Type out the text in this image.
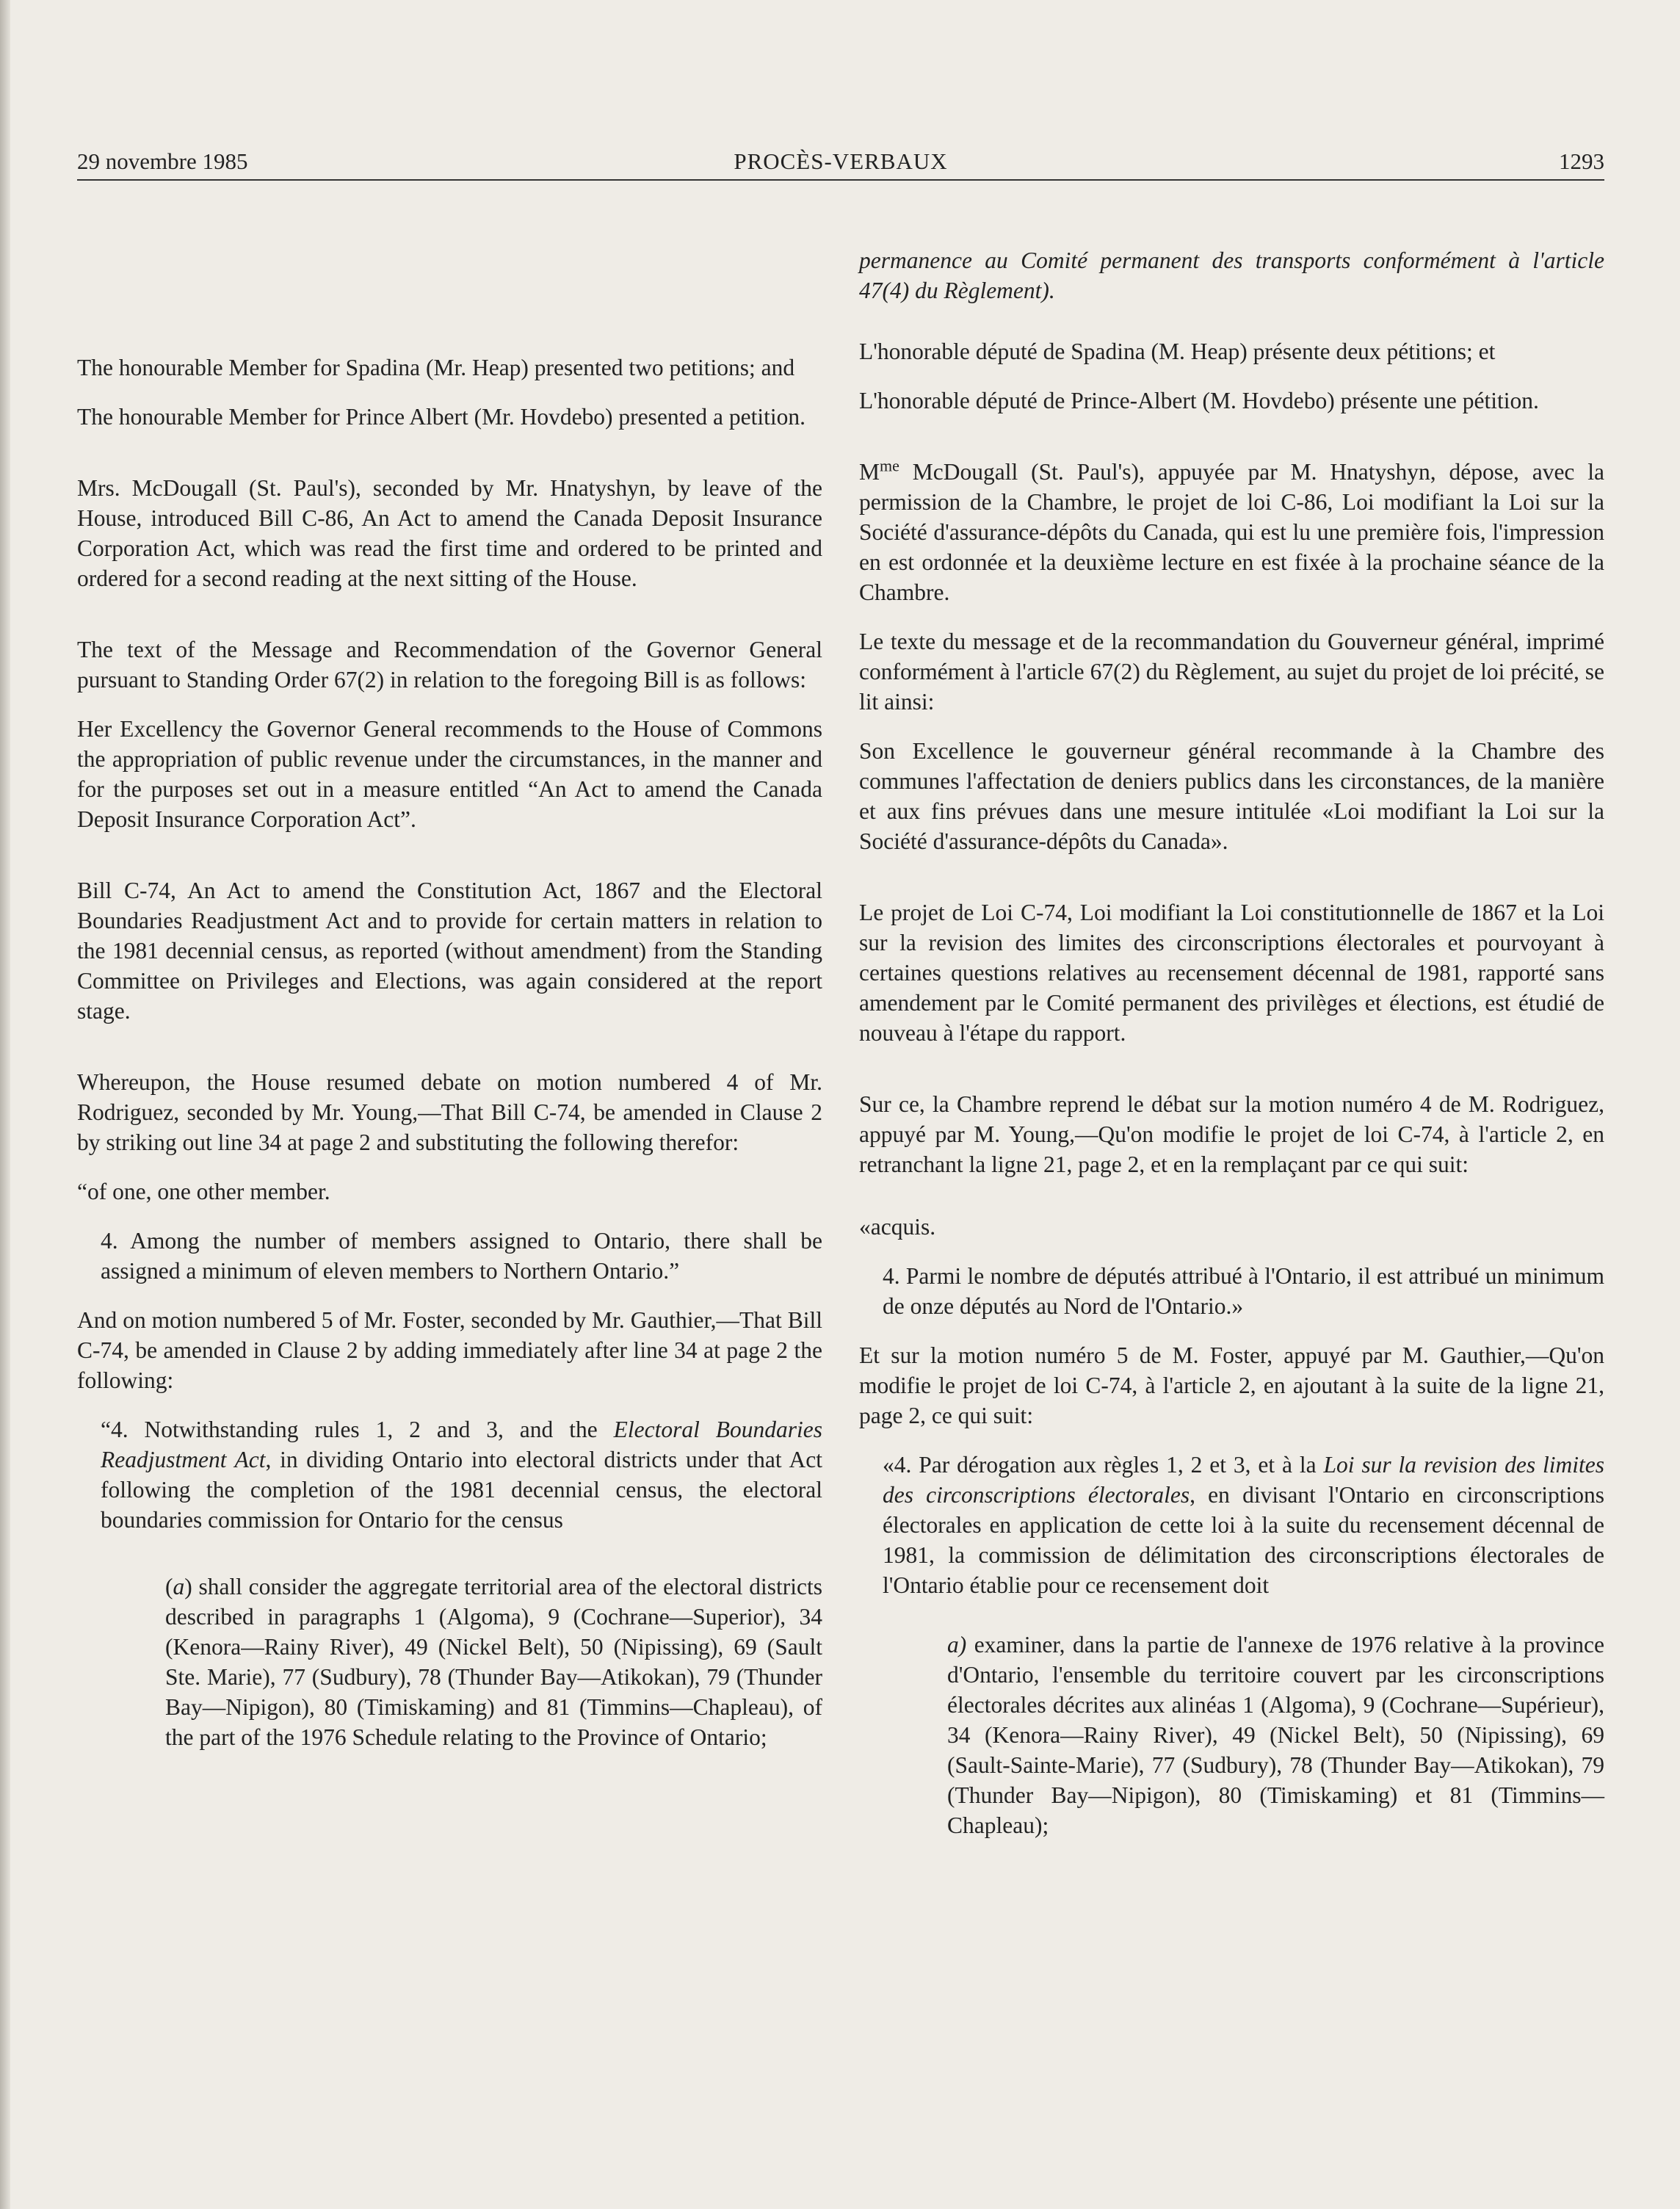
29 novembre 1985	PROCÈS-VERBAUX	1293

The honourable Member for Spadina (Mr. Heap) presented two petitions; and

The honourable Member for Prince Albert (Mr. Hovdebo) presented a petition.

Mrs. McDougall (St. Paul's), seconded by Mr. Hnatyshyn, by leave of the House, introduced Bill C-86, An Act to amend the Canada Deposit Insurance Corporation Act, which was read the first time and ordered to be printed and ordered for a second reading at the next sitting of the House.

The text of the Message and Recommendation of the Governor General pursuant to Standing Order 67(2) in relation to the foregoing Bill is as follows:

Her Excellency the Governor General recommends to the House of Commons the appropriation of public revenue under the circumstances, in the manner and for the purposes set out in a measure entitled “An Act to amend the Canada Deposit Insurance Corporation Act”.

Bill C-74, An Act to amend the Constitution Act, 1867 and the Electoral Boundaries Readjustment Act and to provide for certain matters in relation to the 1981 decennial census, as reported (without amendment) from the Standing Committee on Privileges and Elections, was again considered at the report stage.

Whereupon, the House resumed debate on motion numbered 4 of Mr. Rodriguez, seconded by Mr. Young,—That Bill C-74, be amended in Clause 2 by striking out line 34 at page 2 and substituting the following therefor:

“of one, one other member.

4. Among the number of members assigned to Ontario, there shall be assigned a minimum of eleven members to Northern Ontario.”

And on motion numbered 5 of Mr. Foster, seconded by Mr. Gauthier,—That Bill C-74, be amended in Clause 2 by adding immediately after line 34 at page 2 the following:

“4. Notwithstanding rules 1, 2 and 3, and the Electoral Boundaries Readjustment Act, in dividing Ontario into electoral districts under that Act following the completion of the 1981 decennial census, the electoral boundaries commission for Ontario for the census

(a) shall consider the aggregate territorial area of the electoral districts described in paragraphs 1 (Algoma), 9 (Cochrane—Superior), 34 (Kenora—Rainy River), 49 (Nickel Belt), 50 (Nipissing), 69 (Sault Ste. Marie), 77 (Sudbury), 78 (Thunder Bay—Atikokan), 79 (Thunder Bay—Nipigon), 80 (Timiskaming) and 81 (Timmins—Chapleau), of the part of the 1976 Schedule relating to the Province of Ontario;

permanence au Comité permanent des transports conformément à l'article 47(4) du Règlement).

L'honorable député de Spadina (M. Heap) présente deux pétitions; et

L'honorable député de Prince-Albert (M. Hovdebo) présente une pétition.

$M^{me}$ McDougall (St. Paul's), appuyée par M. Hnatyshyn, dépose, avec la permission de la Chambre, le projet de loi C-86, Loi modifiant la Loi sur la Société d'assurance-dépôts du Canada, qui est lu une première fois, l'impression en est ordonnée et la deuxième lecture en est fixée à la prochaine séance de la Chambre.

Le texte du message et de la recommandation du Gouverneur général, imprimé conformément à l'article 67(2) du Règlement, au sujet du projet de loi précité, se lit ainsi:

Son Excellence le gouverneur général recommande à la Chambre des communes l'affectation de deniers publics dans les circonstances, de la manière et aux fins prévues dans une mesure intitulée «Loi modifiant la Loi sur la Société d'assurance-dépôts du Canada».

Le projet de Loi C-74, Loi modifiant la Loi constitutionnelle de 1867 et la Loi sur la revision des limites des circonscriptions électorales et pourvoyant à certaines questions relatives au recensement décennal de 1981, rapporté sans amendement par le Comité permanent des privilèges et élections, est étudié de nouveau à l'étape du rapport.

Sur ce, la Chambre reprend le débat sur la motion numéro 4 de M. Rodriguez, appuyé par M. Young,—Qu'on modifie le projet de loi C-74, à l'article 2, en retranchant la ligne 21, page 2, et en la remplaçant par ce qui suit:

«acquis.

4. Parmi le nombre de députés attribué à l'Ontario, il est attribué un minimum de onze députés au Nord de l'Ontario.»

Et sur la motion numéro 5 de M. Foster, appuyé par M. Gauthier,—Qu'on modifie le projet de loi C-74, à l'article 2, en ajoutant à la suite de la ligne 21, page 2, ce qui suit:

«4. Par dérogation aux règles 1, 2 et 3, et à la Loi sur la revision des limites des circonscriptions électorales, en divisant l'Ontario en circonscriptions électorales en application de cette loi à la suite du recensement décennal de 1981, la commission de délimitation des circonscriptions électorales de l'Ontario établie pour ce recensement doit

a) examiner, dans la partie de l'annexe de 1976 relative à la province d'Ontario, l'ensemble du territoire couvert par les circonscriptions électorales décrites aux alinéas 1 (Algoma), 9 (Cochrane—Supérieur), 34 (Kenora—Rainy River), 49 (Nickel Belt), 50 (Nipissing), 69 (Sault-Sainte-Marie), 77 (Sudbury), 78 (Thunder Bay—Atikokan), 79 (Thunder Bay—Nipigon), 80 (Timiskaming) et 81 (Timmins—Chapleau);
